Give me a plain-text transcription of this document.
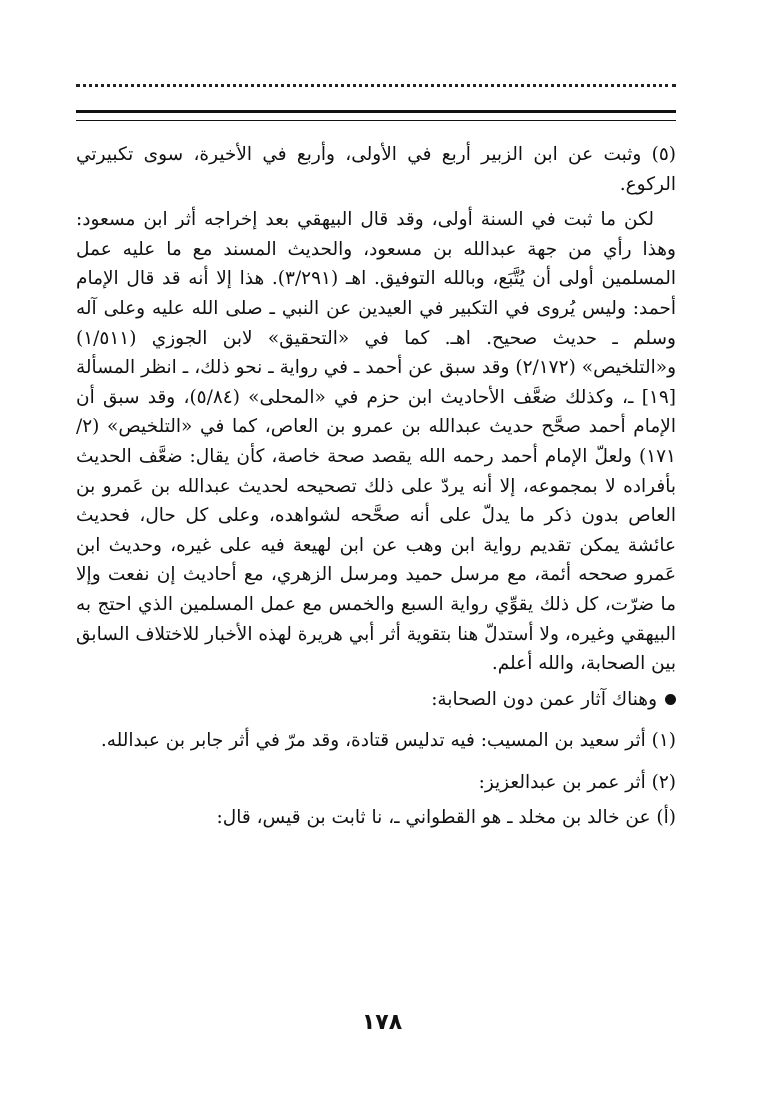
(٥) وثبت عن ابن الزبير أربع في الأولى، وأربع في الأخيرة، سوى تكبيرتي الركوع.

لكن ما ثبت في السنة أولى، وقد قال البيهقي بعد إخراجه أثر ابن مسعود: وهذا رأي من جهة عبدالله بن مسعود، والحديث المسند مع ما عليه عمل المسلمين أولى أن يُتَّبَع، وبالله التوفيق. اهـ (٣/٢٩١). هذا إلا أنه قد قال الإمام أحمد: وليس يُروى في التكبير في العيدين عن النبي ـ صلى الله عليه وعلى آله وسلم ـ حديث صحيح. اهـ. كما في «التحقيق» لابن الجوزي (١/٥١١) و«التلخيص» (٢/١٧٢) وقد سبق عن أحمد ـ في رواية ـ نحو ذلك، ـ انظر المسألة [١٩] ـ، وكذلك ضعَّف الأحاديث ابن حزم في «المحلى» (٥/٨٤)، وقد سبق أن الإمام أحمد صحَّح حديث عبدالله بن عمرو بن العاص، كما في «التلخيص» (٢/ ١٧١) ولعلّ الإمام أحمد رحمه الله يقصد صحة خاصة، كأن يقال: ضعَّف الحديث بأفراده لا بمجموعه، إلا أنه يردّ على ذلك تصحيحه لحديث عبدالله بن عَمرو بن العاص بدون ذكر ما يدلّ على أنه صحَّحه لشواهده، وعلى كل حال، فحديث عائشة يمكن تقديم رواية ابن وهب عن ابن لهيعة فيه على غيره، وحديث ابن عَمرو صححه أئمة، مع مرسل حميد ومرسل الزهري، مع أحاديث إن نفعت وإلا ما ضرّت، كل ذلك يقوِّي رواية السبع والخمس مع عمل المسلمين الذي احتج به البيهقي وغيره، ولا أستدلّ هنا بتقوية أثر أبي هريرة لهذه الأخبار للاختلاف السابق بين الصحابة، والله أعلم.

وهناك آثار عمن دون الصحابة:

(١) أثر سعيد بن المسيب: فيه تدليس قتادة، وقد مرّ في أثر جابر بن عبدالله.

(٢) أثر عمر بن عبدالعزيز:

(أ) عن خالد بن مخلد ـ هو القطواني ـ، نا ثابت بن قيس، قال:

١٧٨
